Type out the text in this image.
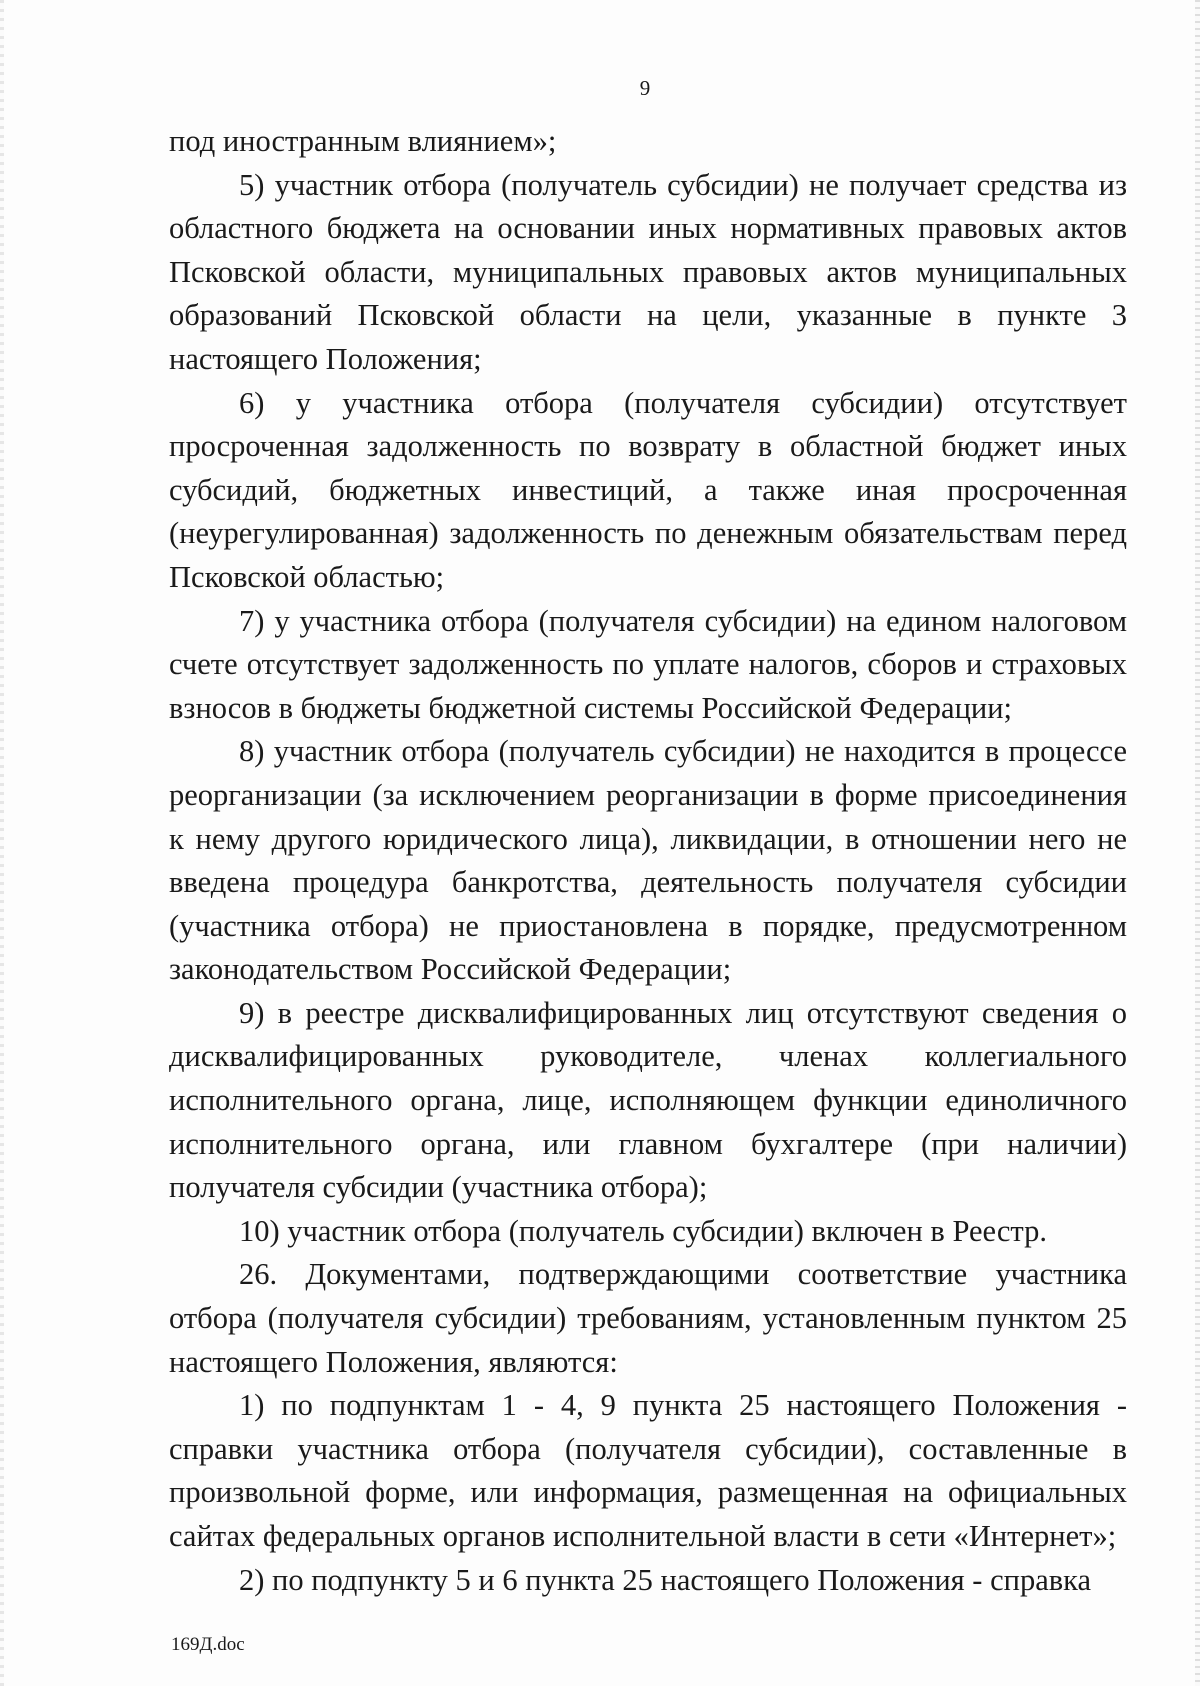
9

под иностранным влиянием»;

5) участник отбора (получатель субсидии) не получает средства из областного бюджета на основании иных нормативных правовых актов Псковской области, муниципальных правовых актов муниципальных образований Псковской области на цели, указанные в пункте 3 настоящего Положения;

6) у участника отбора (получателя субсидии) отсутствует просроченная задолженность по возврату в областной бюджет иных субсидий, бюджетных инвестиций, а также иная просроченная (неурегулированная) задолженность по денежным обязательствам перед Псковской областью;

7) у участника отбора (получателя субсидии) на едином налоговом счете отсутствует задолженность по уплате налогов, сборов и страховых взносов в бюджеты бюджетной системы Российской Федерации;

8) участник отбора (получатель субсидии) не находится в процессе реорганизации (за исключением реорганизации в форме присоединения к нему другого юридического лица), ликвидации, в отношении него не введена процедура банкротства, деятельность получателя субсидии (участника отбора) не приостановлена в порядке, предусмотренном законодательством Российской Федерации;

9) в реестре дисквалифицированных лиц отсутствуют сведения о дисквалифицированных руководителе, членах коллегиального исполнительного органа, лице, исполняющем функции единоличного исполнительного органа, или главном бухгалтере (при наличии) получателя субсидии (участника отбора);

10) участник отбора (получатель субсидии) включен в Реестр.

26. Документами, подтверждающими соответствие участника отбора (получателя субсидии) требованиям, установленным пунктом 25 настоящего Положения, являются:

1) по подпунктам 1 - 4, 9 пункта 25 настоящего Положения - справки участника отбора (получателя субсидии), составленные в произвольной форме, или информация, размещенная на официальных сайтах федеральных органов исполнительной власти в сети «Интернет»;

2) по подпункту 5 и 6 пункта 25 настоящего Положения - справка

169Д.doc
